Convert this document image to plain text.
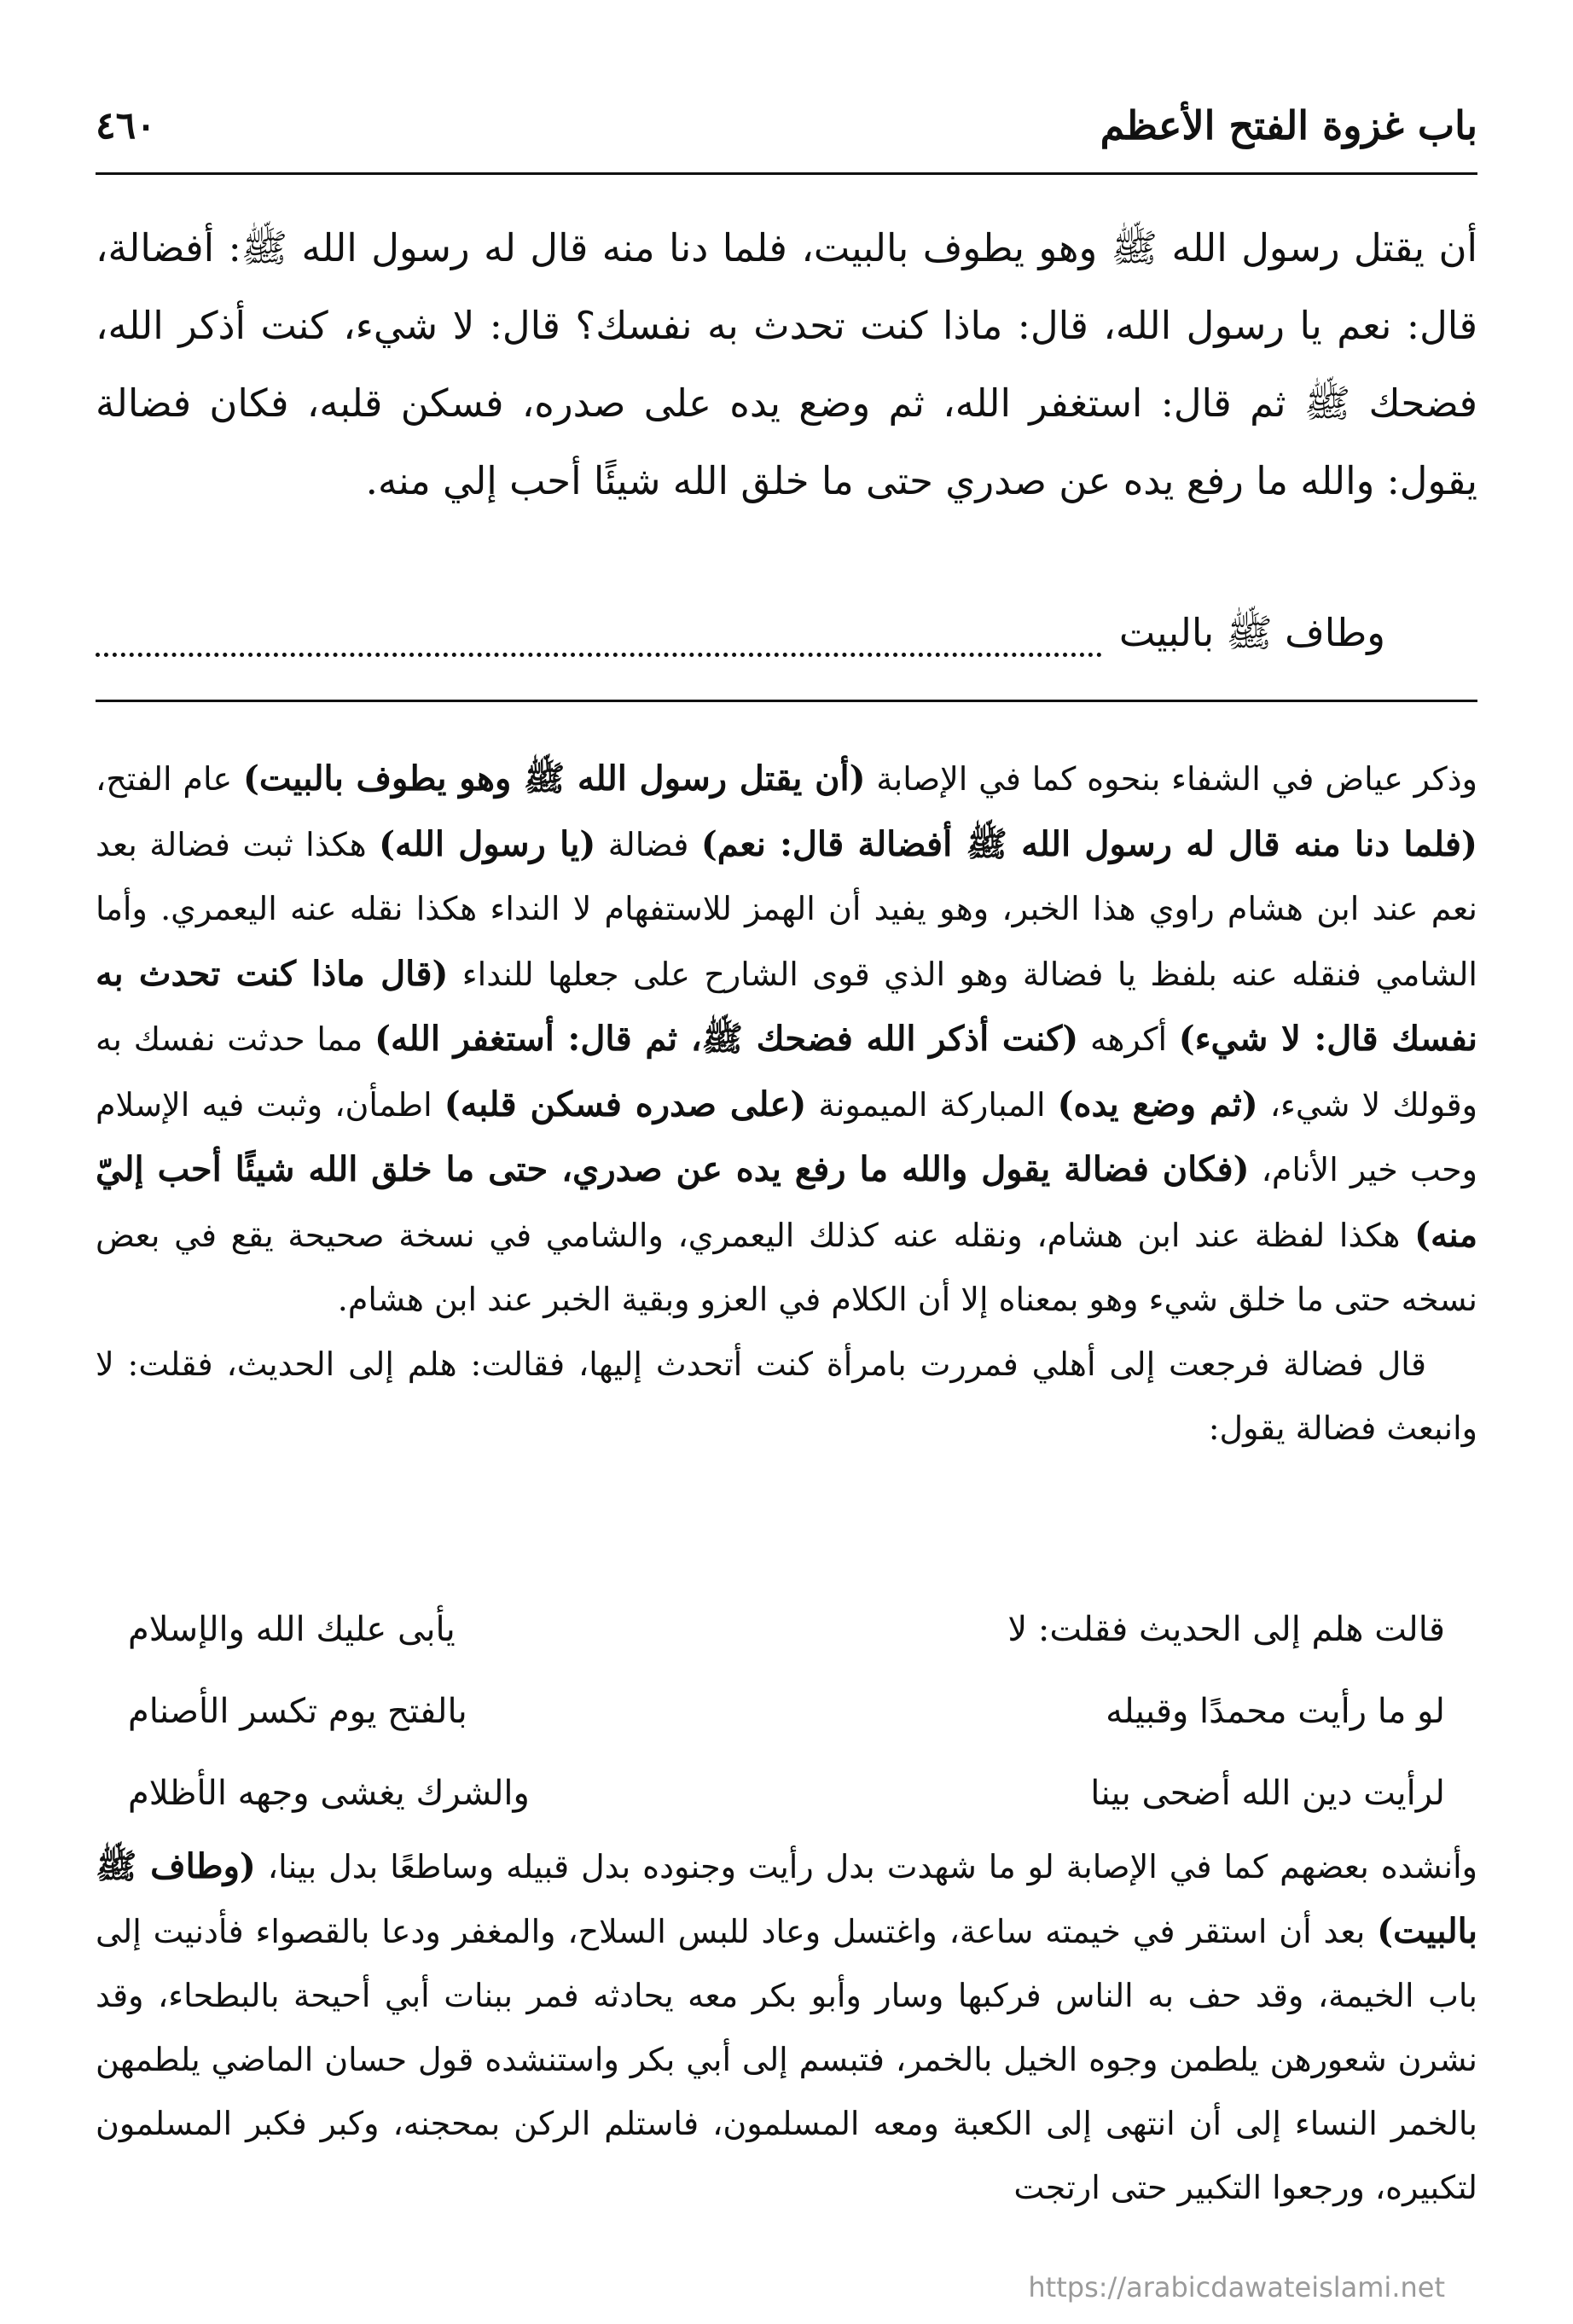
باب غزوة الفتح الأعظم
٤٦٠

أن يقتل رسول الله ﷺ وهو يطوف بالبيت، فلما دنا منه قال له رسول الله ﷺ: أفضالة، قال: نعم يا رسول الله، قال: ماذا كنت تحدث به نفسك؟ قال: لا شيء، كنت أذكر الله، فضحك ﷺ ثم قال: استغفر الله، ثم وضع يده على صدره، فسكن قلبه، فكان فضالة يقول: والله ما رفع يده عن صدري حتى ما خلق الله شيئًا أحب إلي منه.

وطاف ﷺ بالبيت

وذكر عياض في الشفاء بنحوه كما في الإصابة (أن يقتل رسول الله ﷺ وهو يطوف بالبيت) عام الفتح، (فلما دنا منه قال له رسول الله ﷺ أفضالة قال: نعم) فضالة (يا رسول الله) هكذا ثبت فضالة بعد نعم عند ابن هشام راوي هذا الخبر، وهو يفيد أن الهمز للاستفهام لا النداء هكذا نقله عنه اليعمري. وأما الشامي فنقله عنه بلفظ يا فضالة وهو الذي قوى الشارح على جعلها للنداء (قال ماذا كنت تحدث به نفسك قال: لا شيء) أكرهه (كنت أذكر الله فضحك ﷺ، ثم قال: أستغفر الله) مما حدثت نفسك به وقولك لا شيء، (ثم وضع يده) المباركة الميمونة (على صدره فسكن قلبه) اطمأن، وثبت فيه الإسلام وحب خير الأنام، (فكان فضالة يقول والله ما رفع يده عن صدري، حتى ما خلق الله شيئًا أحب إليّ منه) هكذا لفظة عند ابن هشام، ونقله عنه كذلك اليعمري، والشامي في نسخة صحيحة يقع في بعض نسخه حتى ما خلق شيء وهو بمعناه إلا أن الكلام في العزو وبقية الخبر عند ابن هشام.

قال فضالة فرجعت إلى أهلي فمررت بامرأة كنت أتحدث إليها، فقالت: هلم إلى الحديث، فقلت: لا وانبعث فضالة يقول:

قالت هلم إلى الحديث فقلت: لا
يأبى عليك الله والإسلام
لو ما رأيت محمدًا وقبيله
بالفتح يوم تكسر الأصنام
لرأيت دين الله أضحى بينا
والشرك يغشى وجهه الأظلام

وأنشده بعضهم كما في الإصابة لو ما شهدت بدل رأيت وجنوده بدل قبيله وساطعًا بدل بينا، (وطاف ﷺ بالبيت) بعد أن استقر في خيمته ساعة، واغتسل وعاد للبس السلاح، والمغفر ودعا بالقصواء فأدنيت إلى باب الخيمة، وقد حف به الناس فركبها وسار وأبو بكر معه يحادثه فمر ببنات أبي أحيحة بالبطحاء، وقد نشرن شعورهن يلطمن وجوه الخيل بالخمر، فتبسم إلى أبي بكر واستنشده قول حسان الماضي يلطمهن بالخمر النساء إلى أن انتهى إلى الكعبة ومعه المسلمون، فاستلم الركن بمحجنه، وكبر فكبر المسلمون لتكبيره، ورجعوا التكبير حتى ارتجت

https://arabicdawateislami.net
